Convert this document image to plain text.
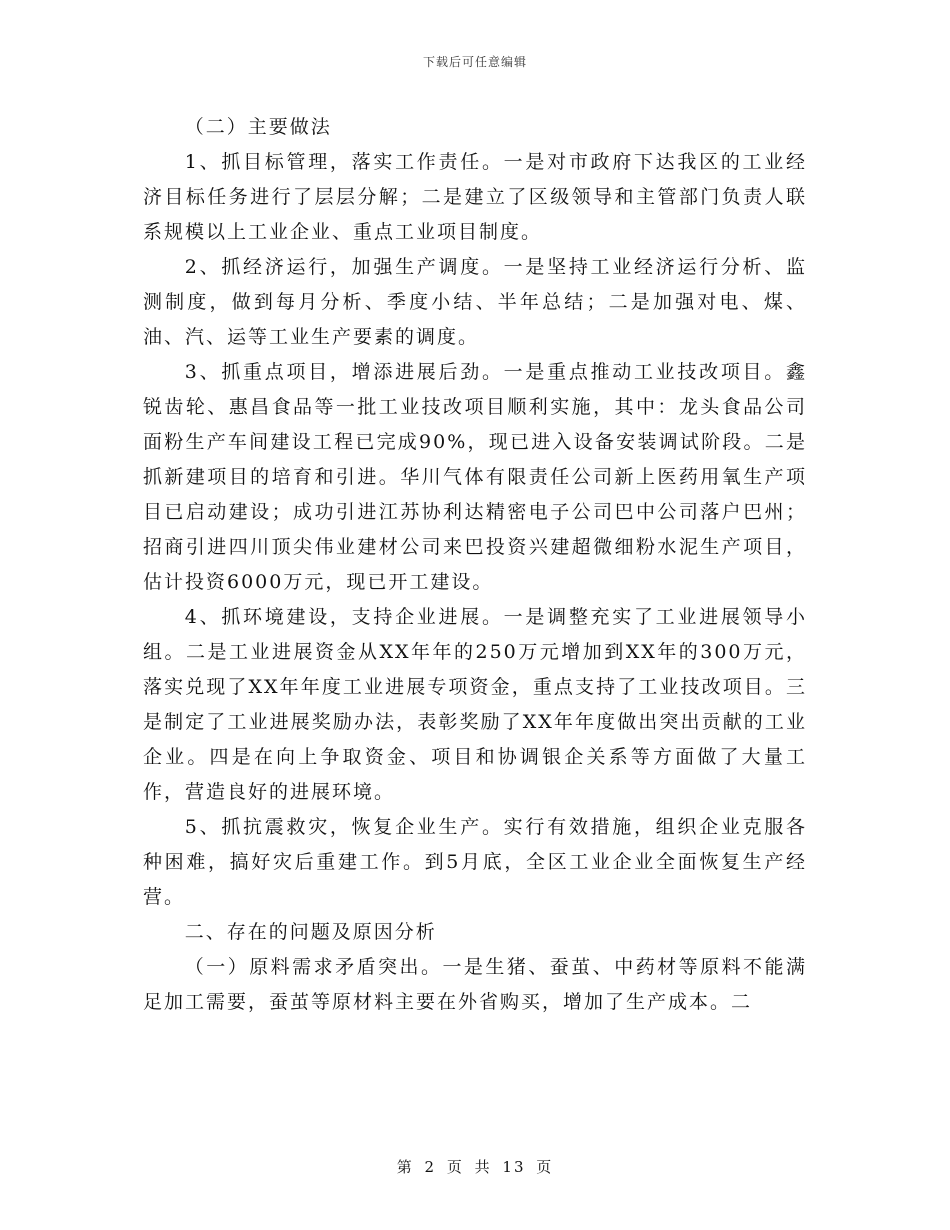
下载后可任意编辑

（二）主要做法

1、抓目标管理，落实工作责任。一是对市政府下达我区的工业经济目标任务进行了层层分解；二是建立了区级领导和主管部门负责人联系规模以上工业企业、重点工业项目制度。

2、抓经济运行，加强生产调度。一是坚持工业经济运行分析、监测制度，做到每月分析、季度小结、半年总结；二是加强对电、煤、油、汽、运等工业生产要素的调度。

3、抓重点项目，增添进展后劲。一是重点推动工业技改项目。鑫锐齿轮、惠昌食品等一批工业技改项目顺利实施，其中：龙头食品公司面粉生产车间建设工程已完成90%，现已进入设备安装调试阶段。二是抓新建项目的培育和引进。华川气体有限责任公司新上医药用氧生产项目已启动建设；成功引进江苏协利达精密电子公司巴中公司落户巴州；招商引进四川顶尖伟业建材公司来巴投资兴建超微细粉水泥生产项目，估计投资6000万元，现已开工建设。

4、抓环境建设，支持企业进展。一是调整充实了工业进展领导小组。二是工业进展资金从XX年年的250万元增加到XX年的300万元，落实兑现了XX年年度工业进展专项资金，重点支持了工业技改项目。三是制定了工业进展奖励办法，表彰奖励了XX年年度做出突出贡献的工业企业。四是在向上争取资金、项目和协调银企关系等方面做了大量工作，营造良好的进展环境。

5、抓抗震救灾，恢复企业生产。实行有效措施，组织企业克服各种困难，搞好灾后重建工作。到5月底，全区工业企业全面恢复生产经营。

二、存在的问题及原因分析

（一）原料需求矛盾突出。一是生猪、蚕茧、中药材等原料不能满足加工需要，蚕茧等原材料主要在外省购买，增加了生产成本。二

第 2 页 共 13 页
